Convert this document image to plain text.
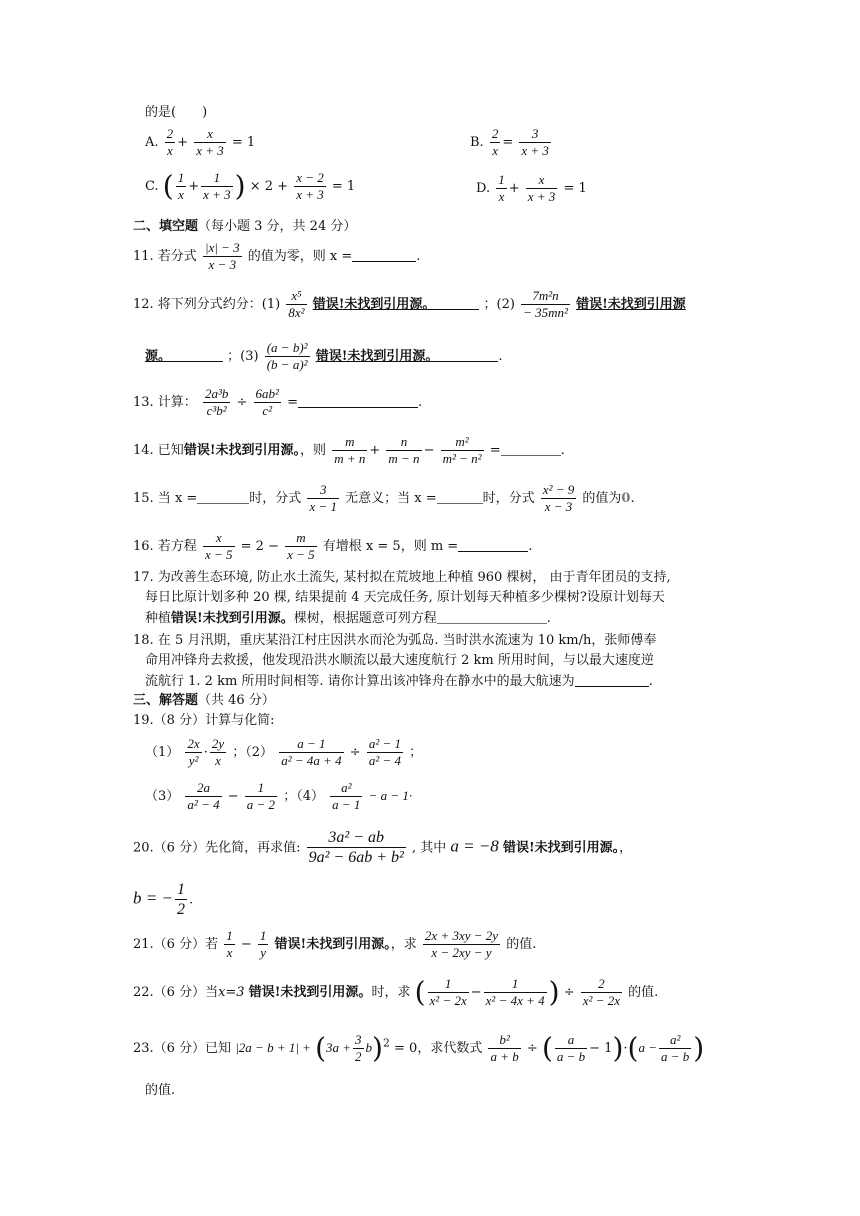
的是(　　)
A. $\frac{2}{x} + \frac{x}{x + 3} = 1$	B. $\frac{2}{x} = \frac{3}{x + 3}$
C. ( $\frac{1}{x} + \frac{1}{x + 3}$ ) × $2 + \frac{x - 2}{x + 3} = 1$	D. $\frac{1}{x} + \frac{x}{x + 3} = 1$
二、填空题（每小题 3 分，共 24 分）
11. 若分式 $\frac{|x| - 3}{x - 3}$ 的值为零，则 x =	.
12. 将下列分式约分：$(1) \frac{\text{x⁵}}{\text{8x²}}$ 错误!未找到引用源。	；$(2) \frac{\text{7m²n}}{\text{− 35mn²}}$ 错误!未找到引用源
源。	；$(3) \frac{\text{(a − b)²}}{\text{(b − a)²}}$ 错误!未找到引用源。	.
13. 计算： $\frac{\text{2a³b}}{\text{c³b²}} \div \frac{\text{6ab²}}{\text{c²}}$ =	.
14. 已知错误!未找到引用源。，则 $\frac{m}{m + n} + \frac{n}{m - n} - \frac{\text{m²}}{\text{m² − n²}}$ =	.
15. 当 x =	时，分式 $\frac{3}{x - 1}$ 无意义；当 x =	时，分式 $\frac{\text{x² − 9}}{x - 3}$ 的值为0.
16. 若方程 $\frac{x}{x - 5} = 2 - \frac{m}{x - 5}$ 有增根 x = 5，则 m =	.
17. 为改善生态环境, 防止水土流失, 某村拟在荒坡地上种植 960 棵树， 由于青年团员的支持,
每日比原计划多种 20 棵, 结果提前 4 天完成任务, 原计划每天种植多少棵树?设原计划每天
种植错误!未找到引用源。棵树，根据题意可列方程	.
18. 在 5 月汛期，重庆某沿江村庄因洪水而沦为弧岛. 当时洪水流速为 10 km/h，张师傅奉
命用冲锋舟去救援，他发现沿洪水顺流以最大速度航行 2 km 所用时间，与以最大速度逆
流航行 1. 2 km 所用时间相等. 请你计算出该冲锋舟在静水中的最大航速为	.
三、解答题（共 46 分）
19.（8 分）计算与化简:
$(1) \frac{2x}{\text{y²}} \cdot \frac{2y}{x}$ ；$(2) \frac{a - 1}{\text{a² − 4a + 4}} \div \frac{\text{a² − 1}}{\text{a² − 4}}$ ；
$(3) \frac{2a}{\text{a² − 4}} - \frac{1}{a - 2}$ ；$(4) \frac{\text{a²}}{a - 1} - a - 1\cdot$
20.（6 分）先化简，再求值: $\frac{\text{3a² − ab}}{\text{9a² − 6ab + b²}}$ , 其中 a = −8 错误!未找到引用源。，
b = − $\frac{1}{2}$ .
21.（6 分）若 $\frac{1}{x} - \frac{1}{y}$ 错误!未找到引用源。，求 $\frac{2x + 3xy - 2y}{x - 2xy - y}$ 的值.
22.（6 分）当x=3 错误!未找到引用源。时，求 ( $\frac{1}{\text{x² − 2x}} - \frac{1}{\text{x² − 4x + 4}}$ ) ÷ $\frac{2}{\text{x² − 2x}}$ 的值.
23.（6 分）已知 $|2a - b + 1| + (3a + \frac{3}{2} b)^2 = 0$，求代数式 $\frac{\text{b²}}{a + b}$ ÷ ( $\frac{a}{a - b} - 1)\cdot(a - \frac{\text{a²}}{a - b}$ )
的值.
